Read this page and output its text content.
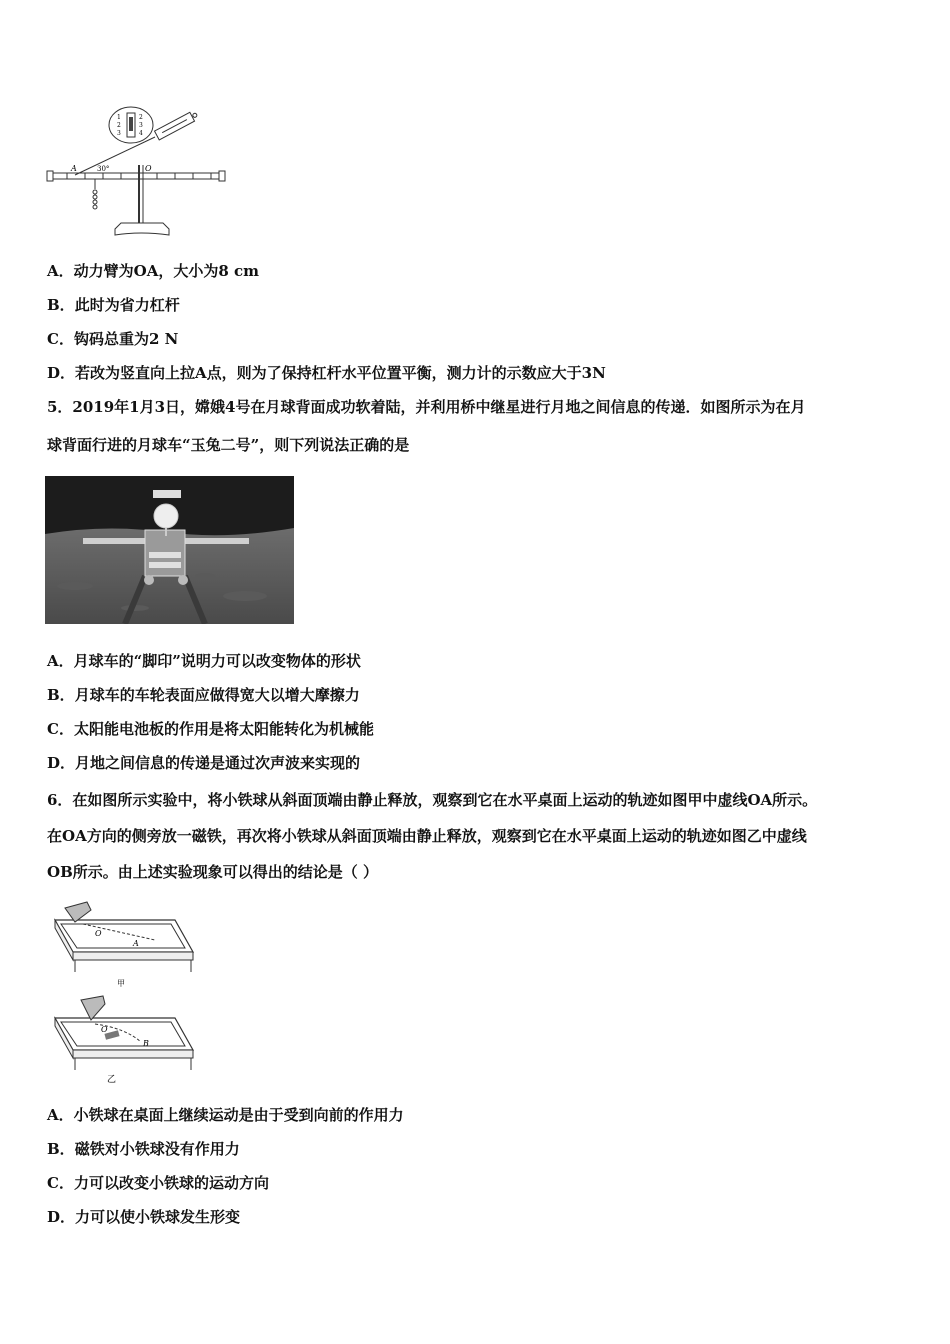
1
2
3
2
3
4
A	O
30°
A．动力臂为OA，大小为8 cm
B．此时为省力杠杆
C．钩码总重为2 N
D．若改为竖直向上拉A点，则为了保持杠杆水平位置平衡，测力计的示数应大于3N
5．2019年1月3日，嫦娥4号在月球背面成功软着陆，并利用桥中继星进行月地之间信息的传递．如图所示为在月
球背面行进的月球车“玉兔二号”，则下列说法正确的是
A．月球车的“脚印”说明力可以改变物体的形状
B．月球车的车轮表面应做得宽大以增大摩擦力
C．太阳能电池板的作用是将太阳能转化为机械能
D．月地之间信息的传递是通过次声波来实现的
6．在如图所示实验中，将小铁球从斜面顶端由静止释放，观察到它在水平桌面上运动的轨迹如图甲中虚线OA所示。
在OA方向的侧旁放一磁铁，再次将小铁球从斜面顶端由静止释放，观察到它在水平桌面上运动的轨迹如图乙中虚线
OB所示。由上述实验现象可以得出的结论是（ ）
O
A
甲
O
B
乙
A．小铁球在桌面上继续运动是由于受到向前的作用力
B．磁铁对小铁球没有作用力
C．力可以改变小铁球的运动方向
D．力可以使小铁球发生形变
